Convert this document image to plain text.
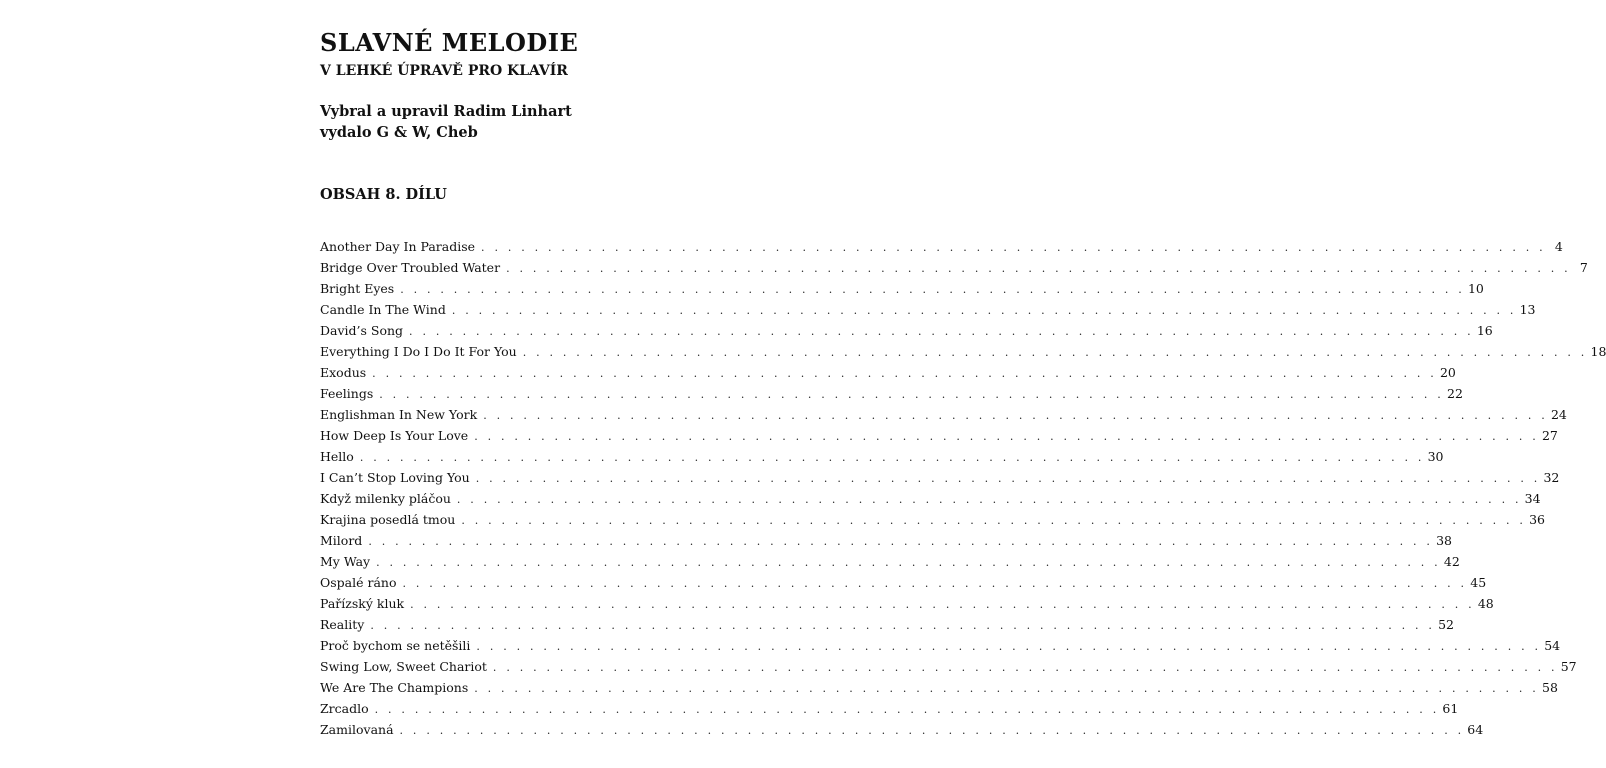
SLAVNÉ MELODIE
V LEHKÉ ÚPRAVĚ PRO KLAVÍR
Vybral a upravil Radim Linhart
vydalo G & W, Cheb
OBSAH 8. DÍLU
Another Day In Paradise . . . . . . . . . . . . . . . . . . . . . . . . . . . . . . . . . . . . . . . . . . . . . . . . . . . . . . . . . . . . . . . . . . . . . . . . . . . . . . . . 4
Bridge Over Troubled Water . . . . . . . . . . . . . . . . . . . . . . . . . . . . . . . . . . . . . . . . . . . . . . . . . . . . . . . . . . . . . . . . . . . . . . . . . . . . . . . . 7
Bright Eyes . . . . . . . . . . . . . . . . . . . . . . . . . . . . . . . . . . . . . . . . . . . . . . . . . . . . . . . . . . . . . . . . . . . . . . . . . . . . . . . . 10
Candle In The Wind . . . . . . . . . . . . . . . . . . . . . . . . . . . . . . . . . . . . . . . . . . . . . . . . . . . . . . . . . . . . . . . . . . . . . . . . . . . . . . . . 13
David’s Song . . . . . . . . . . . . . . . . . . . . . . . . . . . . . . . . . . . . . . . . . . . . . . . . . . . . . . . . . . . . . . . . . . . . . . . . . . . . . . . . 16
Everything I Do I Do It For You . . . . . . . . . . . . . . . . . . . . . . . . . . . . . . . . . . . . . . . . . . . . . . . . . . . . . . . . . . . . . . . . . . . . . . . . . . . . . . . . 18
Exodus . . . . . . . . . . . . . . . . . . . . . . . . . . . . . . . . . . . . . . . . . . . . . . . . . . . . . . . . . . . . . . . . . . . . . . . . . . . . . . . . 20
Feelings . . . . . . . . . . . . . . . . . . . . . . . . . . . . . . . . . . . . . . . . . . . . . . . . . . . . . . . . . . . . . . . . . . . . . . . . . . . . . . . . 22
Englishman In New York . . . . . . . . . . . . . . . . . . . . . . . . . . . . . . . . . . . . . . . . . . . . . . . . . . . . . . . . . . . . . . . . . . . . . . . . . . . . . . . . 24
How Deep Is Your Love . . . . . . . . . . . . . . . . . . . . . . . . . . . . . . . . . . . . . . . . . . . . . . . . . . . . . . . . . . . . . . . . . . . . . . . . . . . . . . . . 27
Hello . . . . . . . . . . . . . . . . . . . . . . . . . . . . . . . . . . . . . . . . . . . . . . . . . . . . . . . . . . . . . . . . . . . . . . . . . . . . . . . . 30
I Can’t Stop Loving You . . . . . . . . . . . . . . . . . . . . . . . . . . . . . . . . . . . . . . . . . . . . . . . . . . . . . . . . . . . . . . . . . . . . . . . . . . . . . . . . 32
Když milenky pláčou . . . . . . . . . . . . . . . . . . . . . . . . . . . . . . . . . . . . . . . . . . . . . . . . . . . . . . . . . . . . . . . . . . . . . . . . . . . . . . . . 34
Krajina posedlá tmou . . . . . . . . . . . . . . . . . . . . . . . . . . . . . . . . . . . . . . . . . . . . . . . . . . . . . . . . . . . . . . . . . . . . . . . . . . . . . . . . 36
Milord . . . . . . . . . . . . . . . . . . . . . . . . . . . . . . . . . . . . . . . . . . . . . . . . . . . . . . . . . . . . . . . . . . . . . . . . . . . . . . . . 38
My Way . . . . . . . . . . . . . . . . . . . . . . . . . . . . . . . . . . . . . . . . . . . . . . . . . . . . . . . . . . . . . . . . . . . . . . . . . . . . . . . . 42
Ospalé ráno . . . . . . . . . . . . . . . . . . . . . . . . . . . . . . . . . . . . . . . . . . . . . . . . . . . . . . . . . . . . . . . . . . . . . . . . . . . . . . . . 45
Pařízský kluk . . . . . . . . . . . . . . . . . . . . . . . . . . . . . . . . . . . . . . . . . . . . . . . . . . . . . . . . . . . . . . . . . . . . . . . . . . . . . . . . 48
Reality . . . . . . . . . . . . . . . . . . . . . . . . . . . . . . . . . . . . . . . . . . . . . . . . . . . . . . . . . . . . . . . . . . . . . . . . . . . . . . . . 52
Proč bychom se netěšili . . . . . . . . . . . . . . . . . . . . . . . . . . . . . . . . . . . . . . . . . . . . . . . . . . . . . . . . . . . . . . . . . . . . . . . . . . . . . . . . 54
Swing Low, Sweet Chariot . . . . . . . . . . . . . . . . . . . . . . . . . . . . . . . . . . . . . . . . . . . . . . . . . . . . . . . . . . . . . . . . . . . . . . . . . . . . . . . . 57
We Are The Champions . . . . . . . . . . . . . . . . . . . . . . . . . . . . . . . . . . . . . . . . . . . . . . . . . . . . . . . . . . . . . . . . . . . . . . . . . . . . . . . . 58
Zrcadlo . . . . . . . . . . . . . . . . . . . . . . . . . . . . . . . . . . . . . . . . . . . . . . . . . . . . . . . . . . . . . . . . . . . . . . . . . . . . . . . . 61
Zamilovaná . . . . . . . . . . . . . . . . . . . . . . . . . . . . . . . . . . . . . . . . . . . . . . . . . . . . . . . . . . . . . . . . . . . . . . . . . . . . . . . . 64
